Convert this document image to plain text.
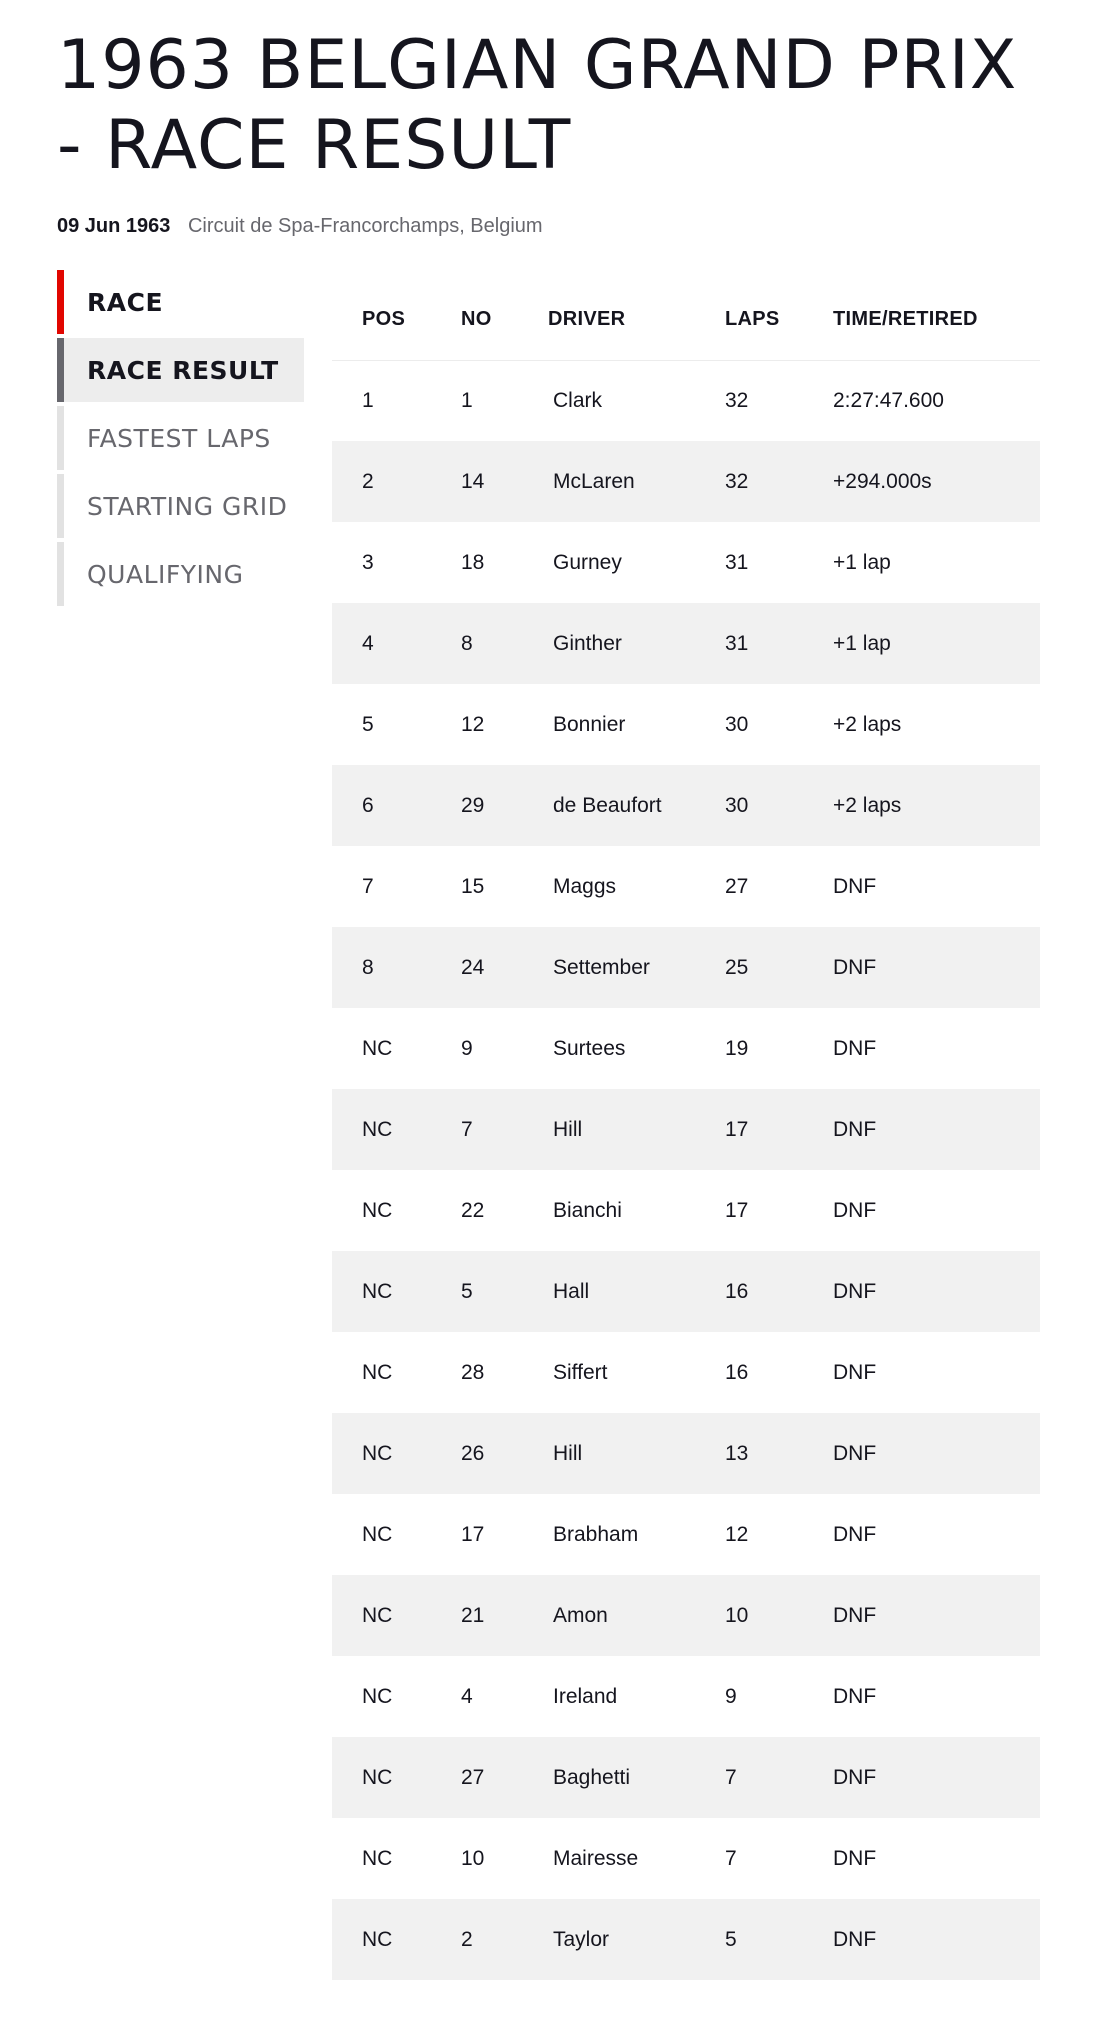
1963 BELGIAN GRAND PRIX - RACE RESULT
09 Jun 1963 Circuit de Spa-Francorchamps, Belgium
RACE
RACE RESULT
FASTEST LAPS
STARTING GRID
QUALIFYING
POS	NO	DRIVER	LAPS	TIME/RETIRED
1	1	Clark	32	2:27:47.600
2	14	McLaren	32	+294.000s
3	18	Gurney	31	+1 lap
4	8	Ginther	31	+1 lap
5	12	Bonnier	30	+2 laps
6	29	de Beaufort	30	+2 laps
7	15	Maggs	27	DNF
8	24	Settember	25	DNF
NC	9	Surtees	19	DNF
NC	7	Hill	17	DNF
NC	22	Bianchi	17	DNF
NC	5	Hall	16	DNF
NC	28	Siffert	16	DNF
NC	26	Hill	13	DNF
NC	17	Brabham	12	DNF
NC	21	Amon	10	DNF
NC	4	Ireland	9	DNF
NC	27	Baghetti	7	DNF
NC	10	Mairesse	7	DNF
NC	2	Taylor	5	DNF
